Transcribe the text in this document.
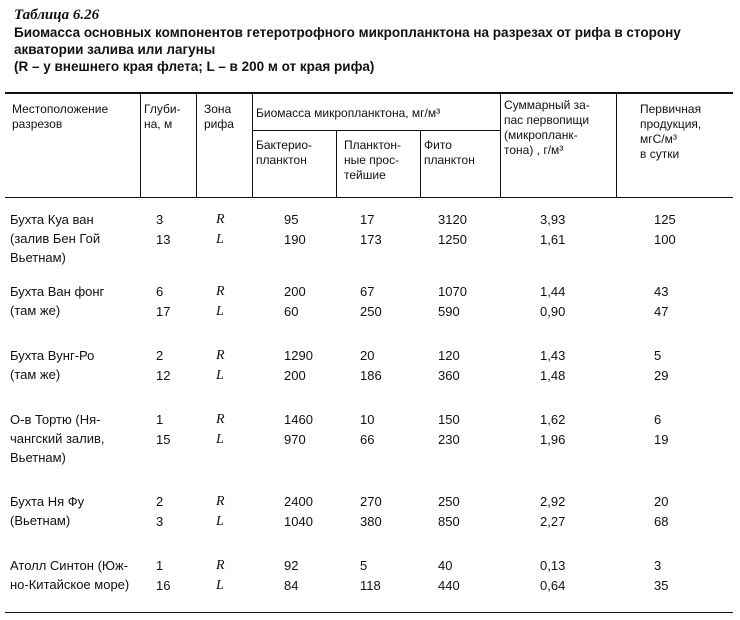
Таблица 6.26
Биомасса основных компонентов гетеротрофного микропланктона на разрезах от рифа в сторону акватории залива или лагуны
(R – у внешнего края флета; L – в 200 м от края рифа)
Местоположение
разрезов
Глуби-
на, м
Зона
рифа
Биомасса микропланктона, мг/м³
Бактерио-
планктон
Планктон-
ные прос-
тейшие
Фито
планктон
Суммарный за-
пас первопищи
(микропланк-
тона) , г/м³
Первичная
продукция,
мгС/м³
в сутки
Бухта Куа ван
(залив Бен Гой
Вьетнам)
3
13
R
L
95
190
17
173
3120
1250
3,93
1,61
125
100
Бухта Ван фонг
(там же)
6
17
R
L
200
60
67
250
1070
590
1,44
0,90
43
47
Бухта Вунг-Ро
(там же)
2
12
R
L
1290
200
20
186
120
360
1,43
1,48
5
29
О-в Тортю (Ня-
чангский залив,
Вьетнам)
1
15
R
L
1460
970
10
66
150
230
1,62
1,96
6
19
Бухта Ня Фу
(Вьетнам)
2
3
R
L
2400
1040
270
380
250
850
2,92
2,27
20
68
Атолл Синтон (Юж-
но-Китайское море)
1
16
R
L
92
84
5
118
40
440
0,13
0,64
3
35
